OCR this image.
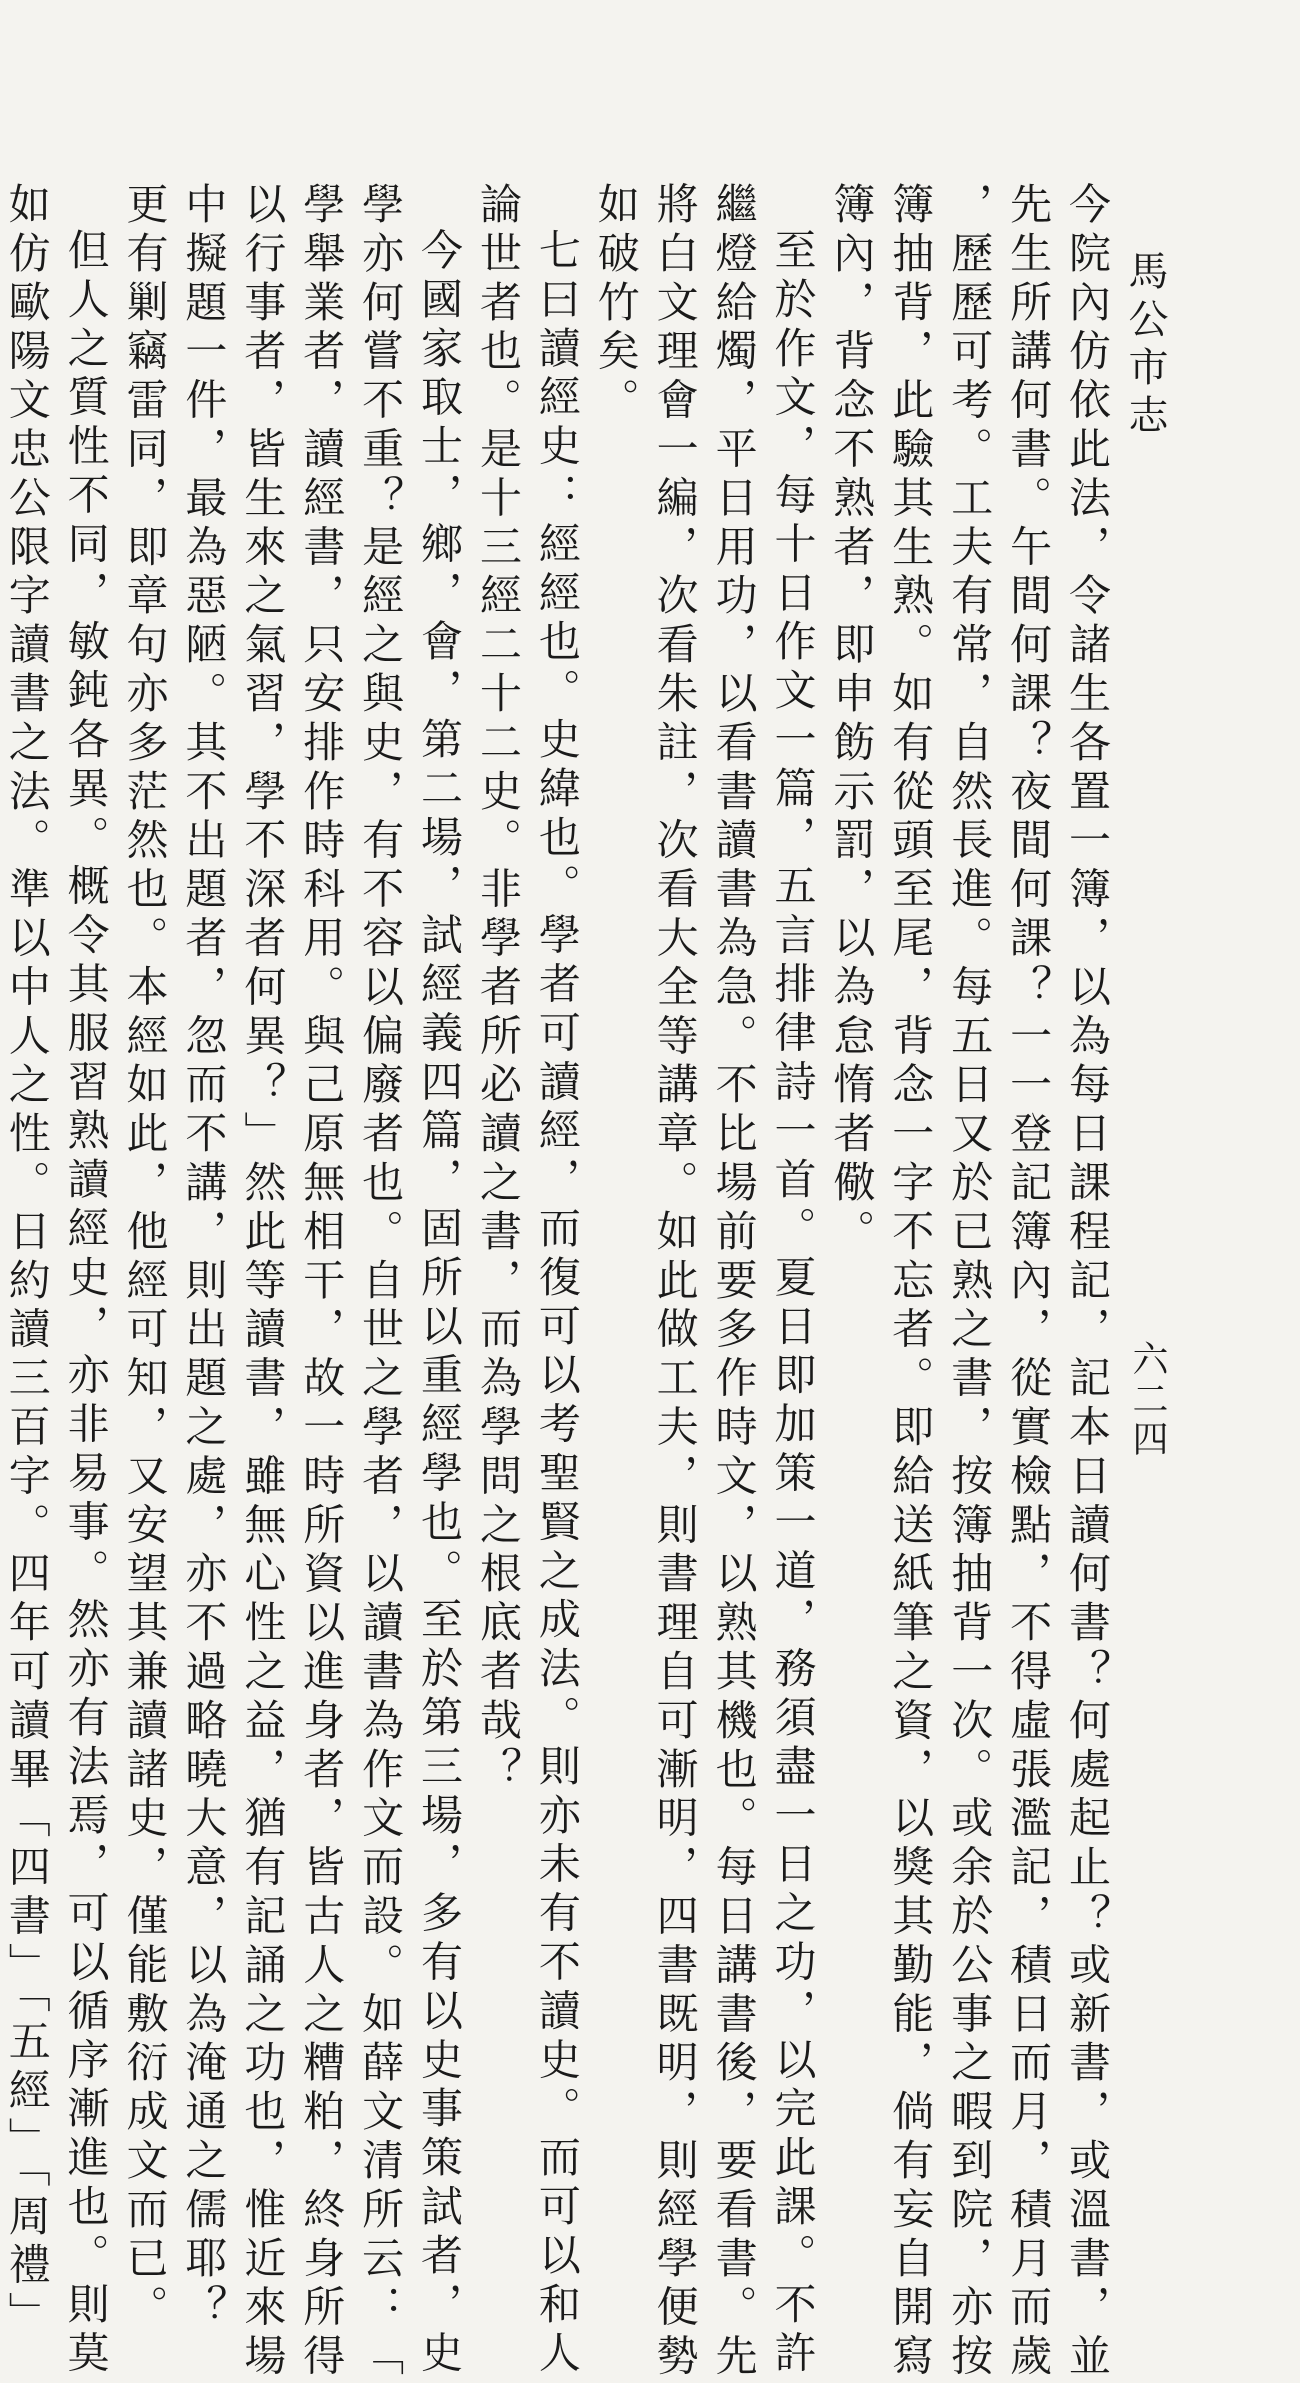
馬公市志
今院內仿依此法，令諸生各置一簿，以為每日課程記，記本日讀何書？何處起止？或新書，或溫書，並
先生所講何書。午間何課？夜間何課？一一登記簿內，從實檢點，不得虛張濫記，積日而月，積月而歲
，歷歷可考。工夫有常，自然長進。每五日又於已熟之書，按簿抽背一次。或余於公事之暇到院，亦按
簿抽背，此驗其生熟。如有從頭至尾，背念一字不忘者。即給送紙筆之資，以獎其勤能，倘有妄自開寫
簿內，背念不熟者，即申飭示罰，以為怠惰者儆。
至於作文，每十日作文一篇，五言排律詩一首。夏日即加策一道，務須盡一日之功，以完此課。不許
繼燈給燭，平日用功，以看書讀書為急。不比場前要多作時文，以熟其機也。每日講書後，要看書。先
將白文理會一編，次看朱註，次看大全等講章。如此做工夫，則書理自可漸明，四書既明，則經學便勢
如破竹矣。
七曰讀經史：經經也。史緯也。學者可讀經，而復可以考聖賢之成法。則亦未有不讀史。而可以和人
論世者也。是十三經二十二史。非學者所必讀之書，而為學問之根底者哉？
今國家取士，鄉，會，第二場，試經義四篇，固所以重經學也。至於第三場，多有以史事策試者，史
學亦何嘗不重？是經之與史，有不容以偏廢者也。自世之學者，以讀書為作文而設。如薛文清所云：「
學舉業者，讀經書，只安排作時科用。與己原無相干，故一時所資以進身者，皆古人之糟粕，終身所得
以行事者，皆生來之氣習，學不深者何異？」然此等讀書，雖無心性之益，猶有記誦之功也，惟近來場
中擬題一件，最為惡陋。其不出題者，忽而不講，則出題之處，亦不過略曉大意，以為淹通之儒耶？
更有剿竊雷同，即章句亦多茫然也。本經如此，他經可知，又安望其兼讀諸史，僅能敷衍成文而已。
但人之質性不同，敏鈍各異。概令其服習熟讀經史，亦非易事。然亦有法焉，可以循序漸進也。則莫
如仿歐陽文忠公限字讀書之法。準以中人之性。日約讀三百字。四年可讀畢「四書」「五經」「周禮」	六二四
